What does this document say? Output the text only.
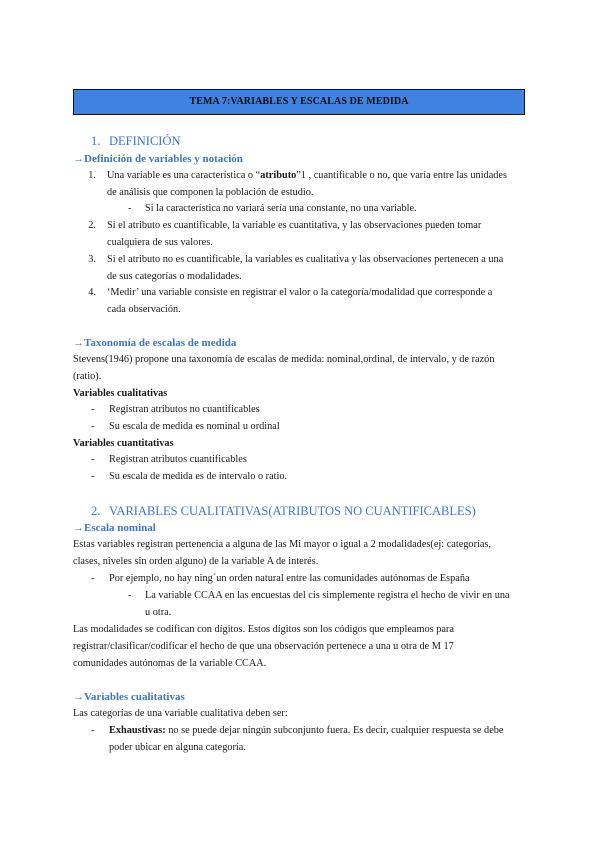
TEMA 7:VARIABLES Y ESCALAS DE MEDIDA
1. DEFINICIÓN
→Definición de variables y notación
1. Una variable es una característica o “atributo”1 , cuantificable o no, que varía entre las unidades
de análisis que componen la población de estudio.
- Si la característica no variará sería una constante, no una variable.
2. Si el atributo es cuantificable, la variable es cuantitativa, y las observaciones pueden tomar
cualquiera de sus valores.
3. Si el atributo no es cuantificable, la variables es cualitativa y las observaciones pertenecen a una
de sus categorías o modalidades.
4. ‘Medir’ una variable consiste en registrar el valor o la categoría/modalidad que corresponde a
cada observación.
→Taxonomía de escalas de medida
Stevens(1946) propone una taxonomía de escalas de medida: nominal,ordinal, de intervalo, y de razón
(ratio).
Variables cualitativas
- Registran atributos no cuantificables
- Su escala de medida es nominal u ordinal
Variables cuantitativas
- Registran atributos cuantificables
- Su escala de medida es de intervalo o ratio.
2. VARIABLES CUALITATIVAS(ATRIBUTOS NO CUANTIFICABLES)
→Escala nominal
Estas variables registran pertenencia a alguna de las Mi mayor o igual a 2 modalidades(ej: categorías,
clases, niveles sin orden alguno) de la variable A de interés.
- Por ejemplo, no hay ning´un orden natural entre las comunidades autónomas de España
- La variable CCAA en las encuestas del cis simplemente registra el hecho de vivir en una
u otra.
Las modalidades se codifican con dígitos. Estos dígitos son los códigos que empleamos para
registrar/clasificar/codificar el hecho de que una observación pertenece a una u otra de M 17
comunidades autónomas de la variable CCAA.
→Variables cualitativas
Las categorías de una variable cualitativa deben ser:
- Exhaustivas: no se puede dejar ningún subconjunto fuera. Es decir, cualquier respuesta se debe
poder ubicar en alguna categoría.
